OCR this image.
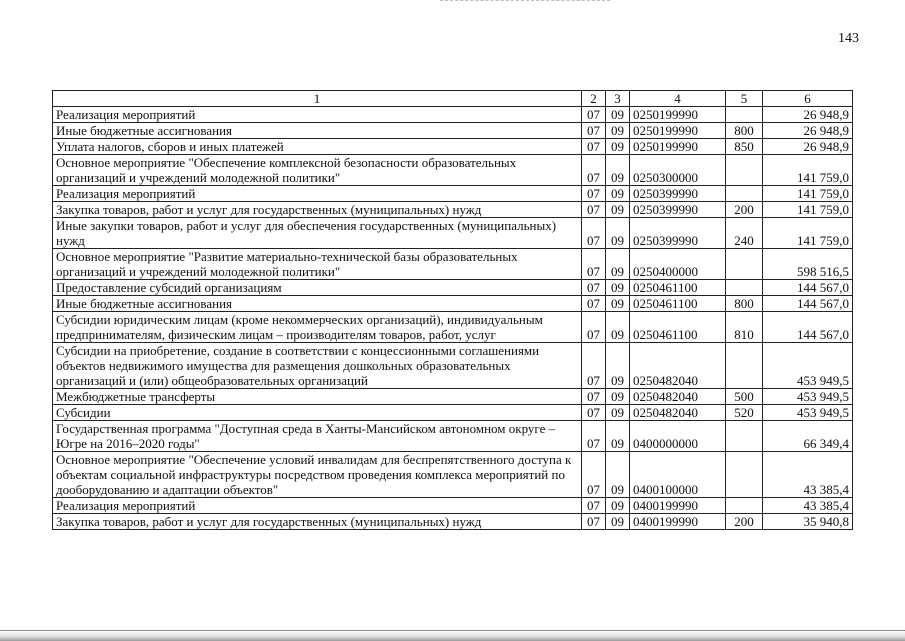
143
1	2	3	4	5	6
Реализация мероприятий	07	09	0250199990		26 948,9
Иные бюджетные ассигнования	07	09	0250199990	800	26 948,9
Уплата налогов, сборов и иных платежей	07	09	0250199990	850	26 948,9
Основное мероприятие "Обеспечение комплексной безопасности образовательных организаций и учреждений молодежной политики"	07	09	0250300000		141 759,0
Реализация мероприятий	07	09	0250399990		141 759,0
Закупка товаров, работ и услуг для государственных (муниципальных) нужд	07	09	0250399990	200	141 759,0
Иные закупки товаров, работ и услуг для обеспечения государственных (муниципальных) нужд	07	09	0250399990	240	141 759,0
Основное мероприятие "Развитие материально-технической базы образовательных организаций и учреждений молодежной политики"	07	09	0250400000		598 516,5
Предоставление субсидий организациям	07	09	0250461100		144 567,0
Иные бюджетные ассигнования	07	09	0250461100	800	144 567,0
Субсидии юридическим лицам (кроме некоммерческих организаций), индивидуальным предпринимателям, физическим лицам – производителям товаров, работ, услуг	07	09	0250461100	810	144 567,0
Субсидии на приобретение, создание в соответствии с концессионными соглашениями объектов недвижимого имущества для размещения дошкольных образовательных организаций и (или) общеобразовательных организаций	07	09	0250482040		453 949,5
Межбюджетные трансферты	07	09	0250482040	500	453 949,5
Субсидии	07	09	0250482040	520	453 949,5
Государственная программа "Доступная среда в Ханты-Мансийском автономном округе – Югре на 2016–2020 годы"	07	09	0400000000		66 349,4
Основное мероприятие "Обеспечение условий инвалидам для беспрепятственного доступа к объектам социальной инфраструктуры посредством проведения комплекса мероприятий по дооборудованию и адаптации объектов"	07	09	0400100000		43 385,4
Реализация мероприятий	07	09	0400199990		43 385,4
Закупка товаров, работ и услуг для государственных (муниципальных) нужд	07	09	0400199990	200	35 940,8
